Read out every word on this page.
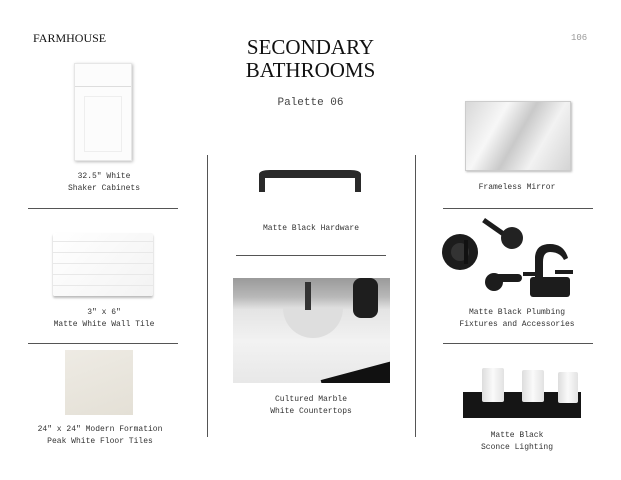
FARMHOUSE	106
SECONDARY
BATHROOMS
Palette 06
32.5" White
Shaker Cabinets
3" x 6"
Matte White Wall Tile
24" x 24" Modern Formation
Peak White Floor Tiles
Matte Black Hardware
Cultured Marble
White Countertops
Frameless Mirror
Matte Black Plumbing
Fixtures and Accessories
Matte Black
Sconce Lighting
